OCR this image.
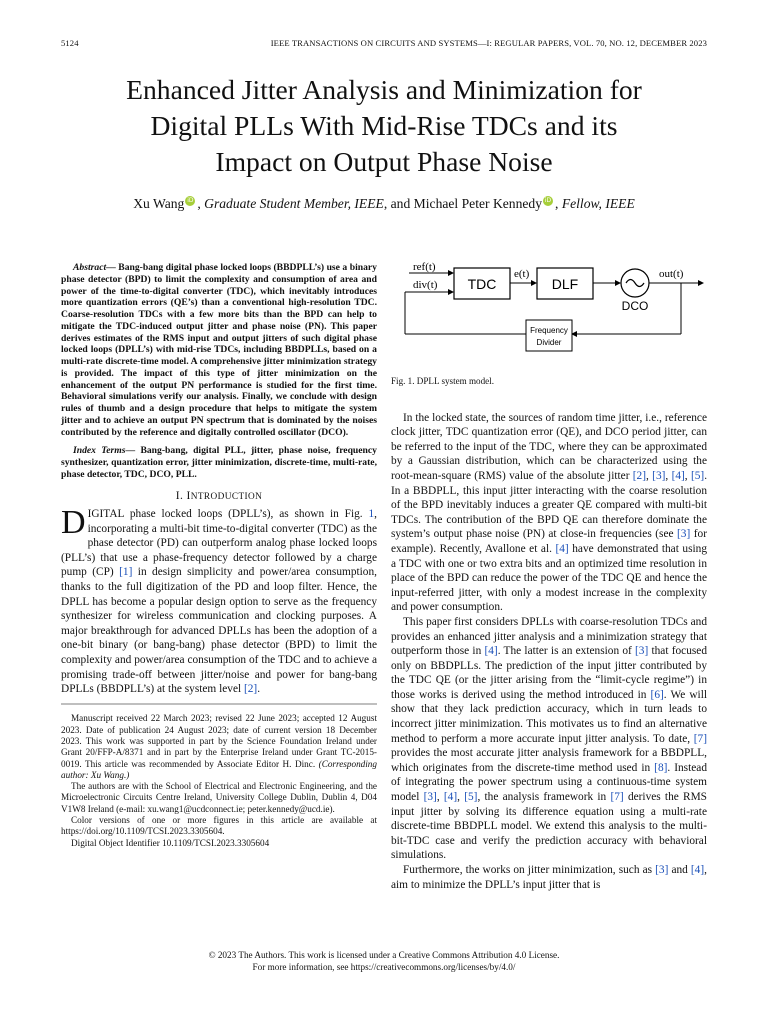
5124	IEEE TRANSACTIONS ON CIRCUITS AND SYSTEMS—I: REGULAR PAPERS, VOL. 70, NO. 12, DECEMBER 2023
Enhanced Jitter Analysis and Minimization for
Digital PLLs With Mid-Rise TDCs and its
Impact on Output Phase Noise
Xu Wang iD , Graduate Student Member, IEEE, and Michael Peter Kennedy iD , Fellow, IEEE

Abstract— Bang-bang digital phase locked loops (BBDPLL’s) use a binary phase detector (BPD) to limit the complexity and consumption of area and power of the time-to-digital converter (TDC), which inevitably introduces more quantization errors (QE’s) than a conventional high-resolution TDC. Coarse-resolution TDCs with a few more bits than the BPD can help to mitigate the TDC-induced output jitter and phase noise (PN). This paper derives estimates of the RMS input and output jitters of such digital phase locked loops (DPLL’s) with mid-rise TDCs, including BBDPLLs, based on a multi-rate discrete-time model. A comprehensive jitter minimization strategy is provided. The impact of this type of jitter minimization on the enhancement of the output PN performance is studied for the first time. Behavioral simulations verify our analysis. Finally, we conclude with design rules of thumb and a design procedure that helps to mitigate the system jitter and to achieve an output PN spectrum that is dominated by the noises contributed by the reference and digitally controlled oscillator (DCO).

Index Terms— Bang-bang, digital PLL, jitter, phase noise, frequency synthesizer, quantization error, jitter minimization, discrete-time, multi-rate, phase detector, TDC, DCO, PLL.

I. INTRODUCTION

DIGITAL phase locked loops (DPLL’s), as shown in Fig. 1, incorporating a multi-bit time-to-digital converter (TDC) as the phase detector (PD) can outperform analog phase locked loops (PLL’s) that use a phase-frequency detector followed by a charge pump (CP) [1] in design simplicity and power/area consumption, thanks to the full digitization of the PD and loop filter. Hence, the DPLL has become a popular design option to serve as the frequency synthesizer for wireless communication and clocking purposes. A major breakthrough for advanced DPLLs has been the adoption of a one-bit binary (or bang-bang) phase detector (BPD) to limit the complexity and power/area consumption of the TDC and to achieve a promising trade-off between jitter/noise and power for bang-bang DPLLs (BBDPLL’s) at the system level [2].

Manuscript received 22 March 2023; revised 22 June 2023; accepted 12 August 2023. Date of publication 24 August 2023; date of current version 18 December 2023. This work was supported in part by the Science Foundation Ireland under Grant 20/FFP-A/8371 and in part by the Enterprise Ireland under Grant TC-2015-0019. This article was recommended by Associate Editor H. Dinc. (Corresponding author: Xu Wang.)

The authors are with the School of Electrical and Electronic Engineering, and the Microelectronic Circuits Centre Ireland, University College Dublin, Dublin 4, D04 V1W8 Ireland (e-mail: xu.wang1@ucdconnect.ie; peter.kennedy@ucd.ie).

Color versions of one or more figures in this article are available at https://doi.org/10.1109/TCSI.2023.3305604.

Digital Object Identifier 10.1109/TCSI.2023.3305604

ref(t)
div(t) TDC
e(t)
DLF
DCO
out(t)
Frequency
Divider
Fig. 1. DPLL system model.

In the locked state, the sources of random time jitter, i.e., reference clock jitter, TDC quantization error (QE), and DCO period jitter, can be referred to the input of the TDC, where they can be approximated by a Gaussian distribution, which can be characterized using the root-mean-square (RMS) value of the absolute jitter [2], [3], [4], [5]. In a BBDPLL, this input jitter interacting with the coarse resolution of the BPD inevitably induces a greater QE compared with multi-bit TDCs. The contribution of the BPD QE can therefore dominate the system’s output phase noise (PN) at close-in frequencies (see [3] for example). Recently, Avallone et al. [4] have demonstrated that using a TDC with one or two extra bits and an optimized time resolution in place of the BPD can reduce the power of the TDC QE and hence the input-referred jitter, with only a modest increase in the complexity and power consumption.

This paper first considers DPLLs with coarse-resolution TDCs and provides an enhanced jitter analysis and a minimization strategy that outperform those in [4]. The latter is an extension of [3] that focused only on BBDPLLs. The prediction of the input jitter contributed by the TDC QE (or the jitter arising from the “limit-cycle regime”) in those works is derived using the method introduced in [6]. We will show that they lack prediction accuracy, which in turn leads to incorrect jitter minimization. This motivates us to find an alternative method to perform a more accurate input jitter analysis. To date, [7] provides the most accurate jitter analysis framework for a BBDPLL, which originates from the discrete-time method used in [8]. Instead of integrating the power spectrum using a continuous-time system model [3], [4], [5], the analysis framework in [7] derives the RMS input jitter by solving its difference equation using a multi-rate discrete-time BBDPLL model. We extend this analysis to the multi-bit-TDC case and verify the prediction accuracy with behavioral simulations.

Furthermore, the works on jitter minimization, such as [3] and [4], aim to minimize the DPLL’s input jitter that is

© 2023 The Authors. This work is licensed under a Creative Commons Attribution 4.0 License.
For more information, see https://creativecommons.org/licenses/by/4.0/
